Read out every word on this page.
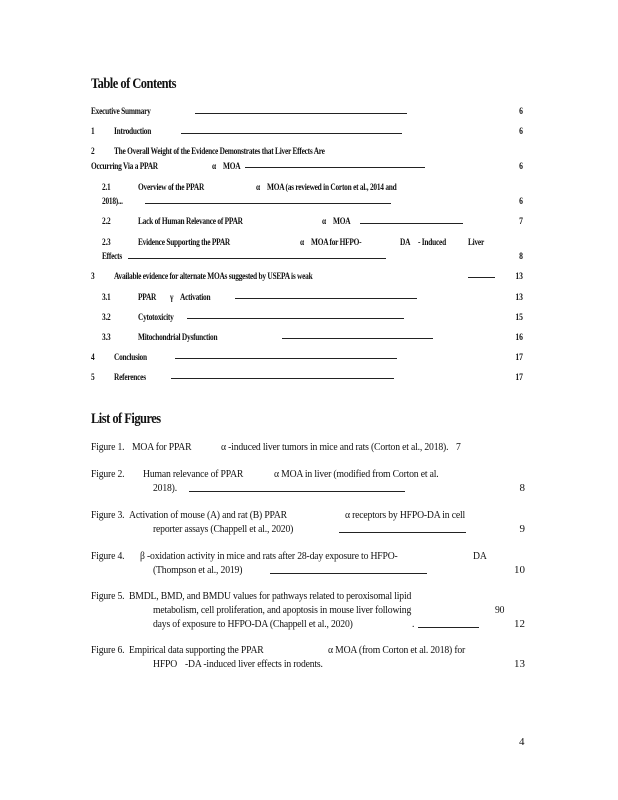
Table of Contents
Executive Summary	6
1 Introduction	6
2 The Overall Weight of the Evidence Demonstrates that Liver Effects Are
Occurring Via a PPAR	α MOA	6
2.1	Overview of the PPAR	α MOA (as reviewed in Corton et al., 2014 and
2018)...	6
2.2	Lack of Human Relevance of PPAR	α MOA	7
2.3	Evidence Supporting the PPAR	α MOA for HFPO-	DA - Induced Liver
Effects	8
3 Available evidence for alternate MOAs suggested by USEPA is weak	13
3.1	PPAR γ Activation	13
3.2	Cytotoxicity	15
3.3	Mitochondrial Dysfunction	16
4 Conclusion	17
5 References	17
List of Figures
Figure 1. MOA for PPAR	α -induced liver tumors in mice and rats (Corton et al., 2018). 7
Figure 2. Human relevance of PPAR	α MOA in liver (modified from Corton et al.
2018).	8
Figure 3. Activation of mouse (A) and rat (B) PPAR	α receptors by HFPO-DA in cell
reporter assays (Chappell et al., 2020)	9
Figure 4. β -oxidation activity in mice and rats after 28-day exposure to HFPO-	DA
(Thompson et al., 2019)	10
Figure 5. BMDL, BMD, and BMDU values for pathways related to peroxisomal lipid
metabolism, cell proliferation, and apoptosis in mouse liver following	90
days of exposure to HFPO-DA (Chappell et al., 2020)	.	12
Figure 6. Empirical data supporting the PPAR	α MOA (from Corton et al. 2018) for
HFPO -DA -induced liver effects in rodents.	13
4
